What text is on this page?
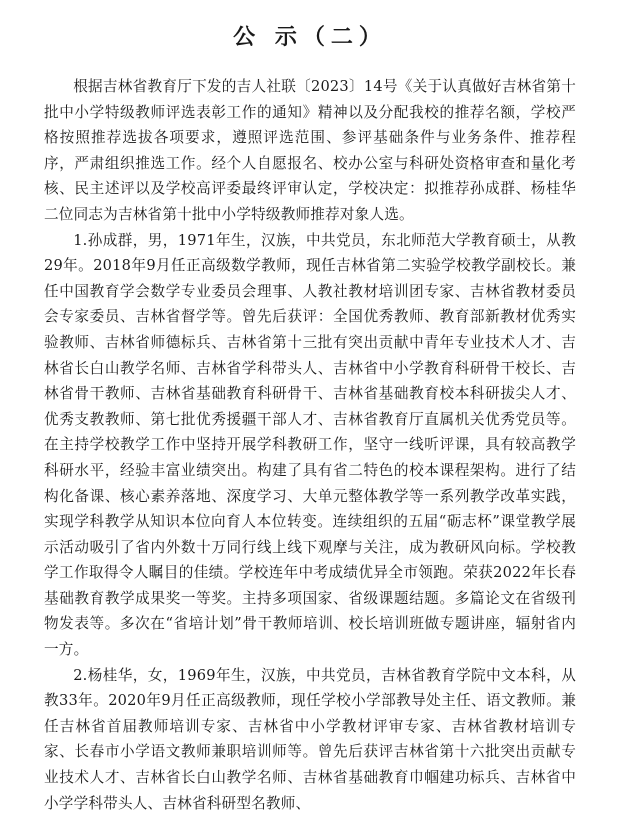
公 示（二）

根据吉林省教育厅下发的吉人社联〔2023〕14号《关于认真做好吉林省第十批中小学特级教师评选表彰工作的通知》精神以及分配我校的推荐名额，学校严格按照推荐选拔各项要求，遵照评选范围、参评基础条件与业务条件、推荐程序，严肃组织推选工作。经个人自愿报名、校办公室与科研处资格审查和量化考核、民主述评以及学校高评委最终评审认定，学校决定：拟推荐孙成群、杨桂华二位同志为吉林省第十批中小学特级教师推荐对象人选。

1.孙成群，男，1971年生，汉族，中共党员，东北师范大学教育硕士，从教29年。2018年9月任正高级数学教师，现任吉林省第二实验学校教学副校长。兼任中国教育学会数学专业委员会理事、人教社教材培训团专家、吉林省教材委员会专家委员、吉林省督学等。曾先后获评：全国优秀教师、教育部新教材优秀实验教师、吉林省师德标兵、吉林省第十三批有突出贡献中青年专业技术人才、吉林省长白山教学名师、吉林省学科带头人、吉林省中小学教育科研骨干校长、吉林省骨干教师、吉林省基础教育科研骨干、吉林省基础教育校本科研拔尖人才、优秀支教教师、第七批优秀援疆干部人才、吉林省教育厅直属机关优秀党员等。在主持学校教学工作中坚持开展学科教研工作，坚守一线听评课，具有较高教学科研水平，经验丰富业绩突出。构建了具有省二特色的校本课程架构。进行了结构化备课、核心素养落地、深度学习、大单元整体教学等一系列教学改革实践，实现学科教学从知识本位向育人本位转变。连续组织的五届“砺志杯”课堂教学展示活动吸引了省内外数十万同行线上线下观摩与关注，成为教研风向标。学校教学工作取得令人瞩目的佳绩。学校连年中考成绩优异全市领跑。荣获2022年长春基础教育教学成果奖一等奖。主持多项国家、省级课题结题。多篇论文在省级刊物发表等。多次在“省培计划”骨干教师培训、校长培训班做专题讲座，辐射省内一方。

2.杨桂华，女，1969年生，汉族，中共党员，吉林省教育学院中文本科，从教33年。2020年9月任正高级教师，现任学校小学部教导处主任、语文教师。兼任吉林省首届教师培训专家、吉林省中小学教材评审专家、吉林省教材培训专家、长春市小学语文教师兼职培训师等。曾先后获评吉林省第十六批突出贡献专业技术人才、吉林省长白山教学名师、吉林省基础教育巾帼建功标兵、吉林省中小学学科带头人、吉林省科研型名教师、
